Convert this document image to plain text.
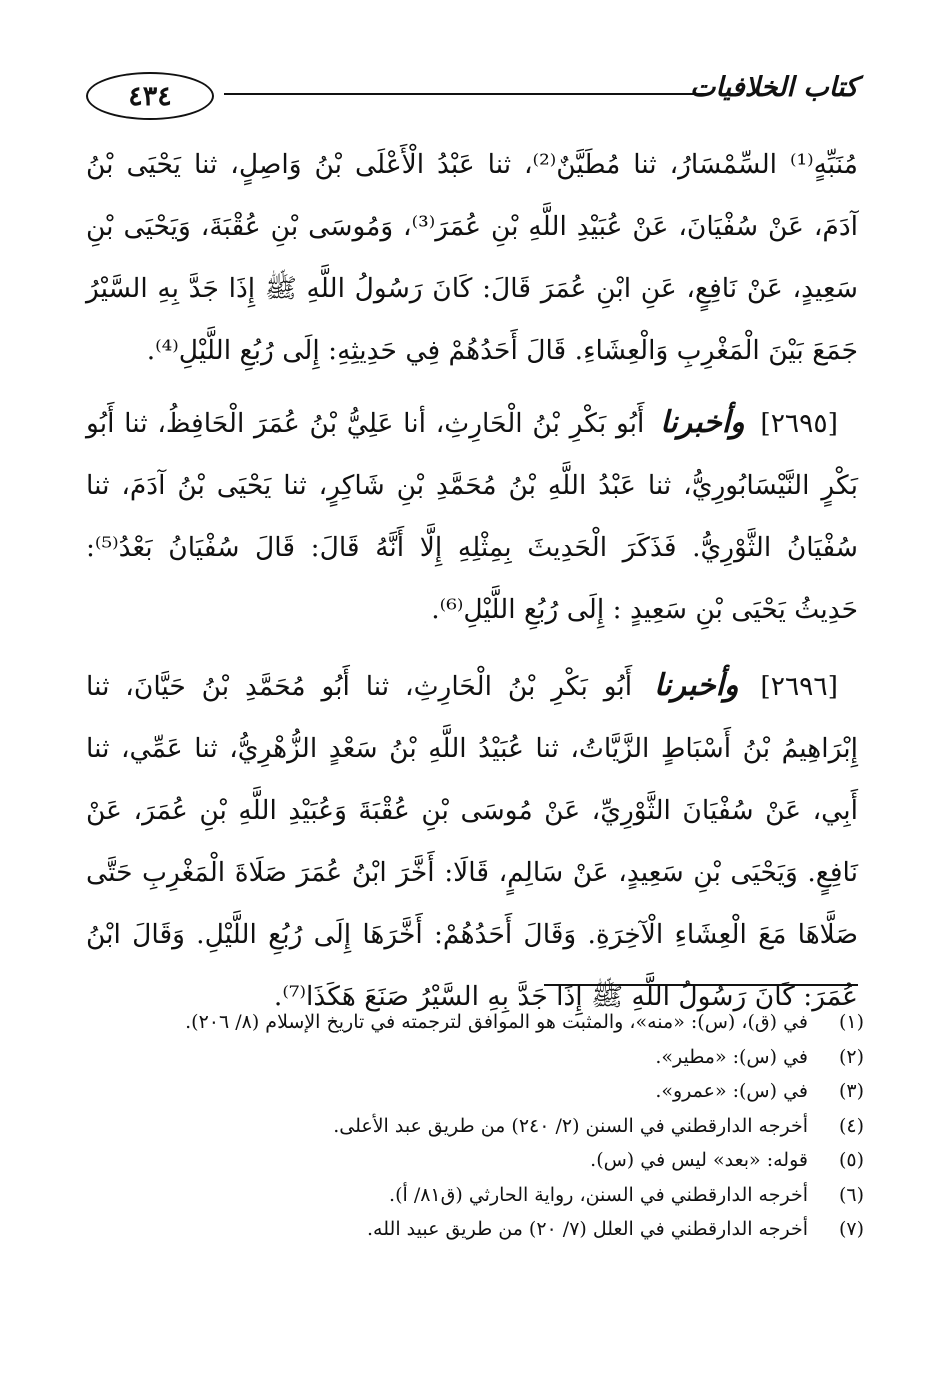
كتاب الخلافيات
٤٣٤

مُنَبِّهٍ⁽¹⁾ السِّمْسَارُ، ثنا مُطَيَّنٌ⁽²⁾، ثنا عَبْدُ الْأَعْلَى بْنُ وَاصِلٍ، ثنا يَحْيَى بْنُ آدَمَ، عَنْ سُفْيَانَ، عَنْ عُبَيْدِ اللَّهِ بْنِ عُمَرَ⁽³⁾، وَمُوسَى بْنِ عُقْبَةَ، وَيَحْيَى بْنِ سَعِيدٍ، عَنْ نَافِعٍ، عَنِ ابْنِ عُمَرَ قَالَ: كَانَ رَسُولُ اللَّهِ ﷺ إِذَا جَدَّ بِهِ السَّيْرُ جَمَعَ بَيْنَ الْمَغْرِبِ وَالْعِشَاءِ. قَالَ أَحَدُهُمْ فِي حَدِيثِهِ: إِلَى رُبُعِ اللَّيْلِ⁽⁴⁾.

[٢٦٩٥] وأخبرنا أَبُو بَكْرِ بْنُ الْحَارِثِ، أنا عَلِيُّ بْنُ عُمَرَ الْحَافِظُ، ثنا أَبُو بَكْرٍ النَّيْسَابُورِيُّ، ثنا عَبْدُ اللَّهِ بْنُ مُحَمَّدِ بْنِ شَاكِرٍ، ثنا يَحْيَى بْنُ آدَمَ، ثنا سُفْيَانُ الثَّوْرِيُّ. فَذَكَرَ الْحَدِيثَ بِمِثْلِهِ إِلَّا أَنَّهُ قَالَ: قَالَ سُفْيَانُ بَعْدُ⁽⁵⁾: حَدِيثُ يَحْيَى بْنِ سَعِيدٍ : إِلَى رُبُعِ اللَّيْلِ⁽⁶⁾.

[٢٦٩٦] وأخبرنا أَبُو بَكْرِ بْنُ الْحَارِثِ، ثنا أَبُو مُحَمَّدِ بْنُ حَيَّانَ، ثنا إِبْرَاهِيمُ بْنُ أَسْبَاطٍ الزَّيَّاتُ، ثنا عُبَيْدُ اللَّهِ بْنُ سَعْدٍ الزُّهْرِيُّ، ثنا عَمِّي، ثنا أَبِي، عَنْ سُفْيَانَ الثَّوْرِيِّ، عَنْ مُوسَى بْنِ عُقْبَةَ وَعُبَيْدِ اللَّهِ بْنِ عُمَرَ، عَنْ نَافِعٍ. وَيَحْيَى بْنِ سَعِيدٍ، عَنْ سَالِمٍ، قَالَا: أَخَّرَ ابْنُ عُمَرَ صَلَاةَ الْمَغْرِبِ حَتَّى صَلَّاهَا مَعَ الْعِشَاءِ الْآخِرَةِ. وَقَالَ أَحَدُهُمْ: أَخَّرَهَا إِلَى رُبُعِ اللَّيْلِ. وَقَالَ ابْنُ عُمَرَ: كَانَ رَسُولُ اللَّهِ ﷺ إِذَا جَدَّ بِهِ السَّيْرُ صَنَعَ هَكَذَا⁽⁷⁾.

(١)
في (ق)، (س): «منه»، والمثبت هو الموافق لترجمته في تاريخ الإسلام (٨/ ٢٠٦).
(٢)
في (س): «مطير».
(٣)
في (س): «عمرو».
(٤)
أخرجه الدارقطني في السنن (٢/ ٢٤٠) من طريق عبد الأعلى.
(٥)
قوله: «بعد» ليس في (س).
(٦)
أخرجه الدارقطني في السنن، رواية الحارثي (ق٨١/ أ).
(٧)
أخرجه الدارقطني في العلل (٧/ ٢٠) من طريق عبيد الله.
